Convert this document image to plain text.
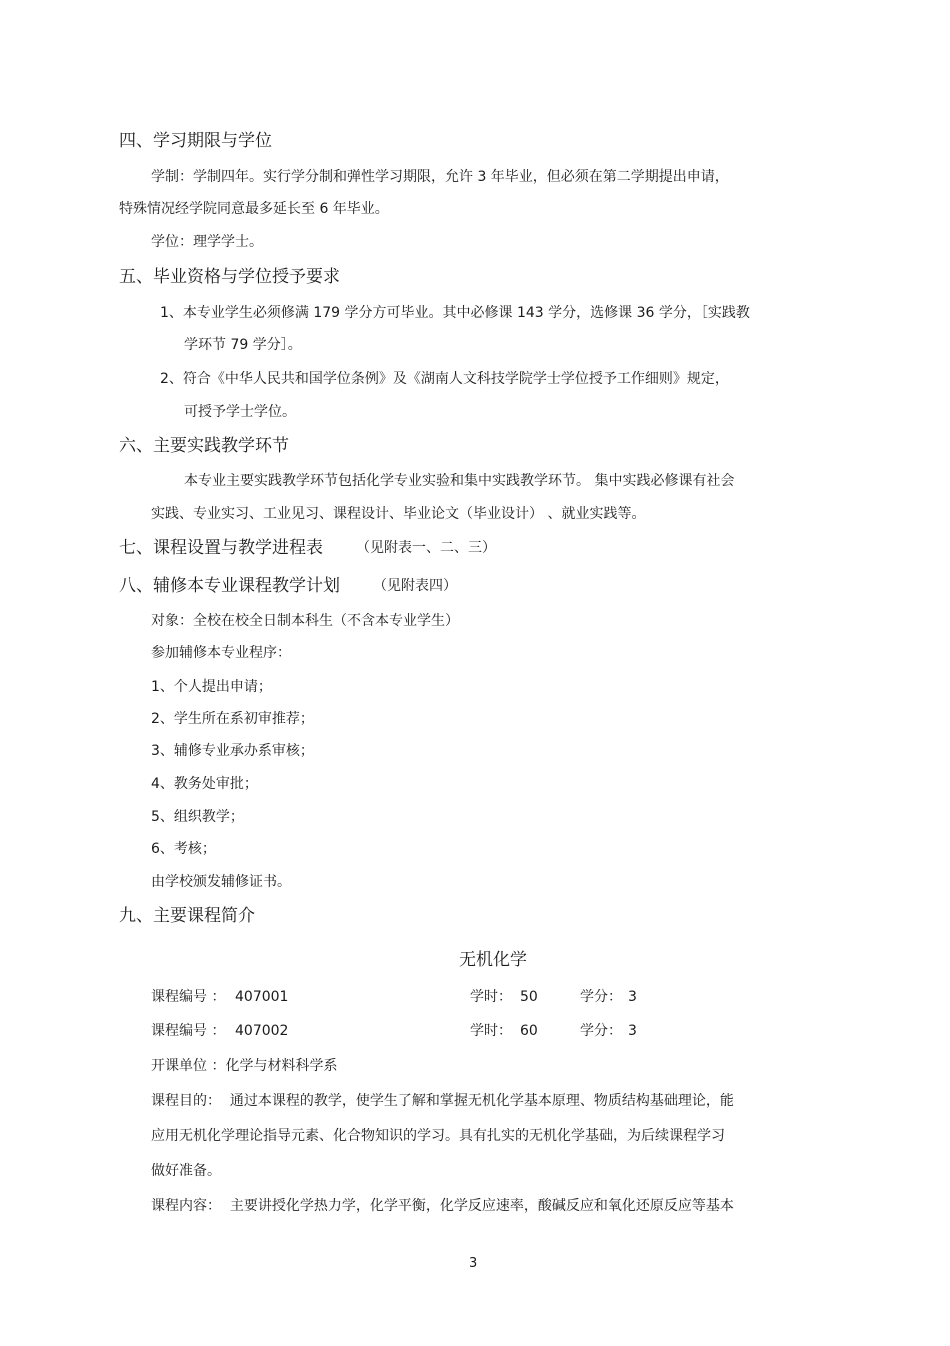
四、学习期限与学位
学制：学制四年。实行学分制和弹性学习期限，允许 3 年毕业，但必须在第二学期提出申请，
特殊情况经学院同意最多延长至 6 年毕业。
学位：理学学士。
五、毕业资格与学位授予要求
1、本专业学生必须修满 179 学分方可毕业。其中必修课 143 学分，选修课 36 学分，［实践教
学环节 79 学分］。
2、符合《中华人民共和国学位条例》及《湖南人文科技学院学士学位授予工作细则》规定，
可授予学士学位。
六、主要实践教学环节
本专业主要实践教学环节包括化学专业实验和集中实践教学环节。 集中实践必修课有社会
实践、专业实习、工业见习、课程设计、毕业论文（毕业设计） 、就业实践等。
七、课程设置与教学进程表 （见附表一、二、三）
八、辅修本专业课程教学计划 （见附表四）
对象：全校在校全日制本科生（不含本专业学生）
参加辅修本专业程序：
1、个人提出申请；
2、学生所在系初审推荐；
3、辅修专业承办系审核；
4、教务处审批；
5、组织教学；
6、考核；
由学校颁发辅修证书。
九、主要课程简介
无机化学
课程编号 ： 407001	学时： 50	学分： 3
课程编号 ： 407002	学时： 60	学分： 3
开课单位 ：化学与材料科学系
课程目的：  通过本课程的教学，使学生了解和掌握无机化学基本原理、物质结构基础理论，能
应用无机化学理论指导元素、化合物知识的学习。具有扎实的无机化学基础，为后续课程学习
做好准备。
课程内容：  主要讲授化学热力学，化学平衡，化学反应速率，酸碱反应和氧化还原反应等基本
3
